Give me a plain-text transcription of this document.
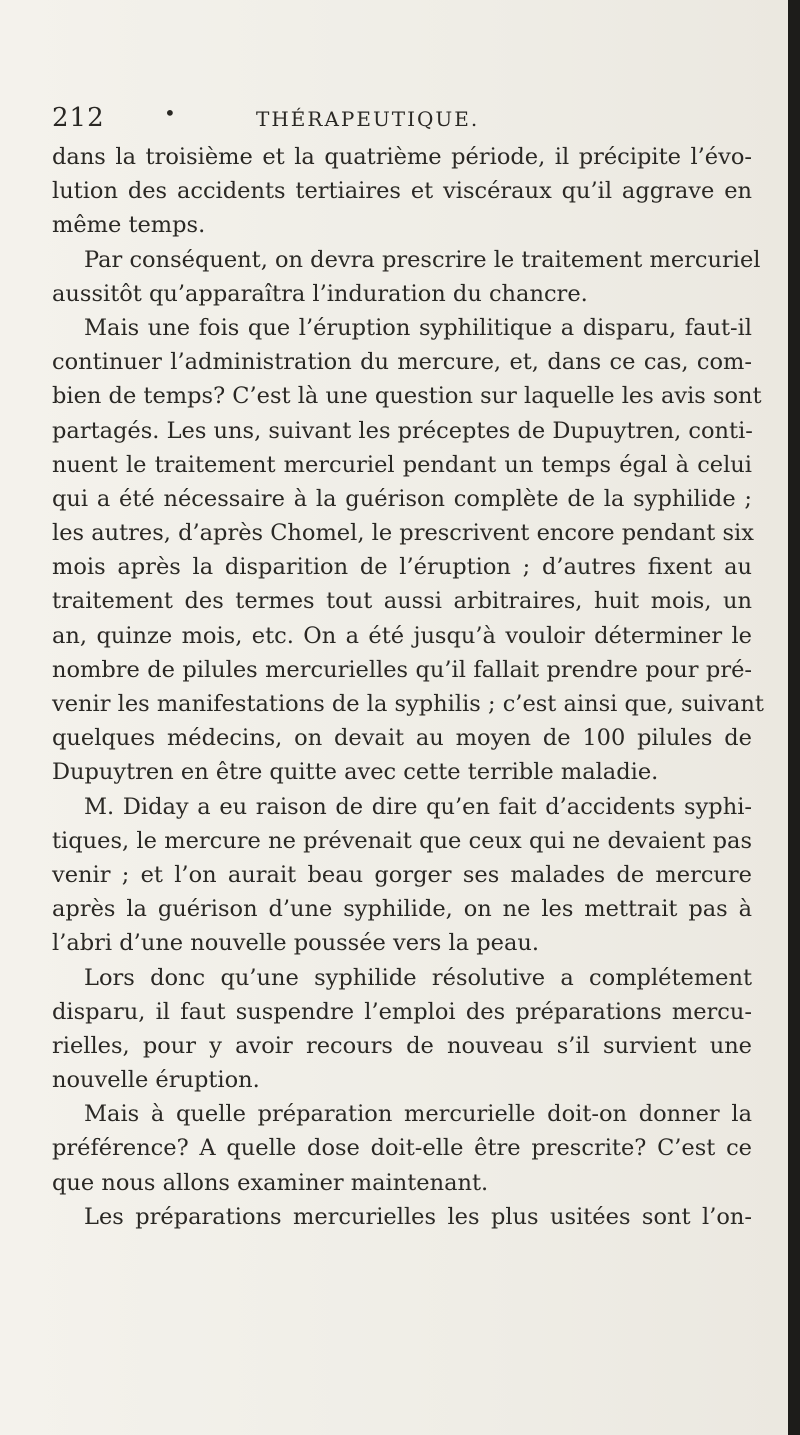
212	•	THÉRAPEUTIQUE.
dans la troisième et la quatrième période, il précipite l’évo-
lution des accidents tertiaires et viscéraux qu’il aggrave en
même temps.
Par conséquent, on devra prescrire le traitement mercuriel
aussitôt qu’apparaîtra l’induration du chancre.
Mais une fois que l’éruption syphilitique a disparu, faut-il
continuer l’administration du mercure, et, dans ce cas, com-
bien de temps? C’est là une question sur laquelle les avis sont
partagés. Les uns, suivant les préceptes de Dupuytren, conti-
nuent le traitement mercuriel pendant un temps égal à celui
qui a été nécessaire à la guérison complète de la syphilide ;
les autres, d’après Chomel, le prescrivent encore pendant six
mois après la disparition de l’éruption ; d’autres fixent au
traitement des termes tout aussi arbitraires, huit mois, un
an, quinze mois, etc. On a été jusqu’à vouloir déterminer le
nombre de pilules mercurielles qu’il fallait prendre pour pré-
venir les manifestations de la syphilis ; c’est ainsi que, suivant
quelques médecins, on devait au moyen de 100 pilules de
Dupuytren en être quitte avec cette terrible maladie.
M. Diday a eu raison de dire qu’en fait d’accidents syphi-
tiques, le mercure ne prévenait que ceux qui ne devaient pas
venir ; et l’on aurait beau gorger ses malades de mercure
après la guérison d’une syphilide, on ne les mettrait pas à
l’abri d’une nouvelle poussée vers la peau.
Lors donc qu’une syphilide résolutive a complétement
disparu, il faut suspendre l’emploi des préparations mercu-
rielles, pour y avoir recours de nouveau s’il survient une
nouvelle éruption.
Mais à quelle préparation mercurielle doit-on donner la
préférence? A quelle dose doit-elle être prescrite? C’est ce
que nous allons examiner maintenant.
Les préparations mercurielles les plus usitées sont l’on-
